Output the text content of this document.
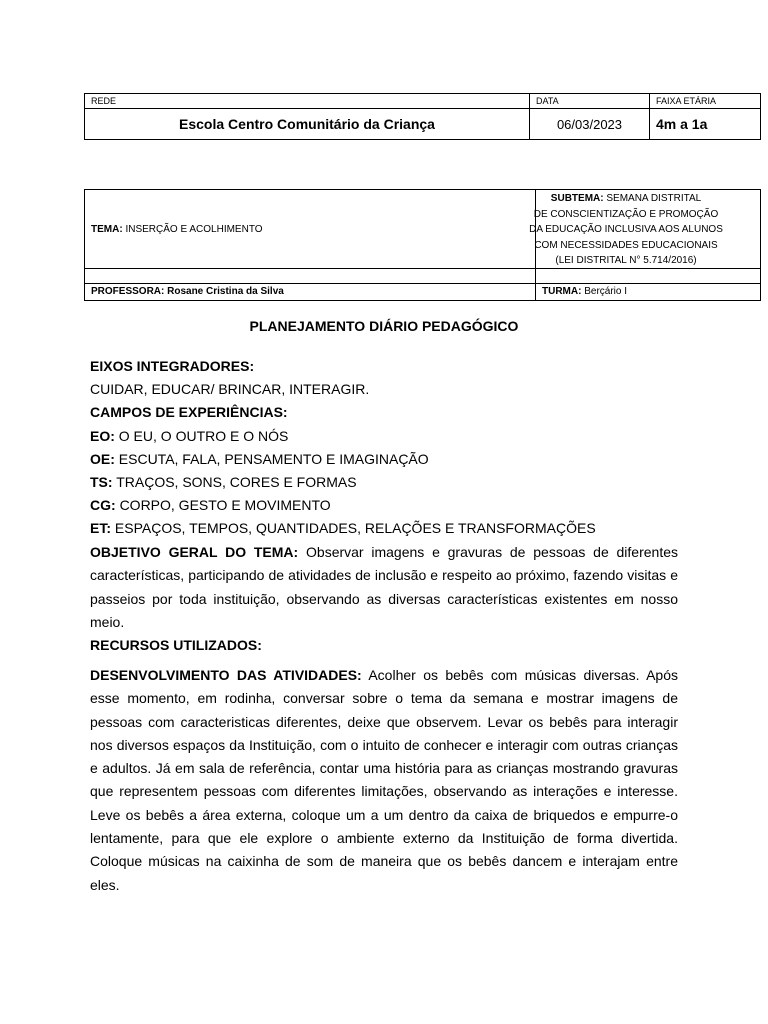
REDE	DATA	FAIXA ETÁRIA
Escola Centro Comunitário da Criança	06/03/2023	4m a 1a
TEMA: INSERÇÃO E ACOLHIMENTO	SUBTEMA: SEMANA DISTRITAL
DE CONSCIENTIZAÇÃO E PROMOÇÃO
DA EDUCAÇÃO INCLUSIVA AOS ALUNOS
COM NECESSIDADES EDUCACIONAIS
(LEI DISTRITAL N° 5.714/2016)

PROFESSORA: Rosane Cristina da Silva	TURMA: Berçário I
PLANEJAMENTO DIÁRIO PEDAGÓGICO
EIXOS INTEGRADORES:
CUIDAR, EDUCAR/ BRINCAR, INTERAGIR.
CAMPOS DE EXPERIÊNCIAS:
EO: O EU, O OUTRO E O NÓS
OE: ESCUTA, FALA, PENSAMENTO E IMAGINAÇÃO
TS: TRAÇOS, SONS, CORES E FORMAS
CG: CORPO, GESTO E MOVIMENTO
ET: ESPAÇOS, TEMPOS, QUANTIDADES, RELAÇÕES E TRANSFORMAÇÕES
OBJETIVO GERAL DO TEMA: Observar imagens e gravuras de pessoas de diferentes características, participando de atividades de inclusão e respeito ao próximo, fazendo visitas e passeios por toda instituição, observando as diversas características existentes em nosso meio.
RECURSOS UTILIZADOS:
DESENVOLVIMENTO DAS ATIVIDADES: Acolher os bebês com músicas diversas. Após esse momento, em rodinha, conversar sobre o tema da semana e mostrar imagens de pessoas com caracteristicas diferentes, deixe que observem. Levar os bebês para interagir nos diversos espaços da Instituição, com o intuito de conhecer e interagir com outras crianças e adultos. Já em sala de referência, contar uma história para as crianças mostrando gravuras que representem pessoas com diferentes limitações, observando as interações e interesse. Leve os bebês a área externa, coloque um a um dentro da caixa de briquedos e empurre-o lentamente, para que ele explore o ambiente externo da Instituição de forma divertida.           Coloque músicas na caixinha de som de maneira que os bebês dancem e interajam entre eles.
